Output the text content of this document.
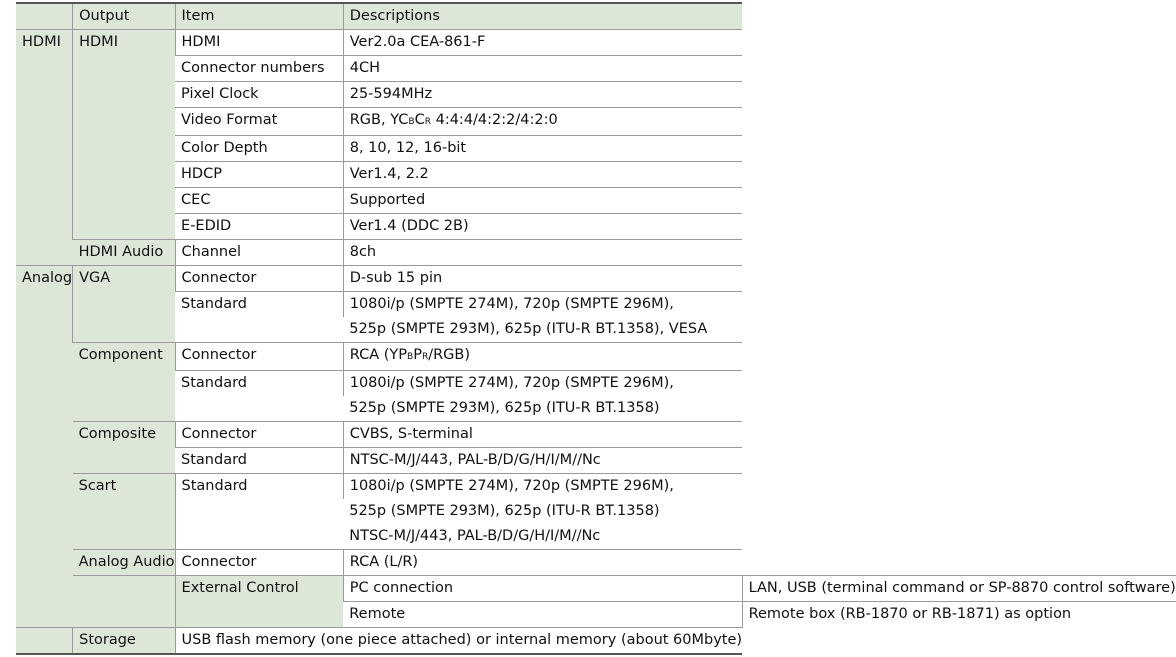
	Output	Item	Descriptions	
HDMI	HDMI	HDMI	Ver2.0a CEA-861-F	
		Connector numbers	4CH	
		Pixel Clock	25-594MHz	
		Video Format	RGB, YCBCR 4:4:4/4:2:2/4:2:0	
		Color Depth	8, 10, 12, 16-bit	
		HDCP	Ver1.4, 2.2	
		CEC	Supported	
		E-EDID	Ver1.4 (DDC 2B)	
	HDMI Audio	Channel	8ch	
Analog	VGA	Connector	D-sub 15 pin	
		Standard	1080i/p (SMPTE 274M), 720p (SMPTE 296M),	
			525p (SMPTE 293M), 625p (ITU-R BT.1358), VESA	
	Component	Connector	RCA (YPBPR/RGB)	
		Standard	1080i/p (SMPTE 274M), 720p (SMPTE 296M),	
			525p (SMPTE 293M), 625p (ITU-R BT.1358)	
	Composite	Connector	CVBS, S-terminal	
		Standard	NTSC-M/J/443, PAL-B/D/G/H/I/M//Nc	
	Scart	Standard	1080i/p (SMPTE 274M), 720p (SMPTE 296M),	
			525p (SMPTE 293M), 625p (ITU-R BT.1358)	
			NTSC-M/J/443, PAL-B/D/G/H/I/M//Nc	
	Analog Audio	Connector	RCA (L/R)	
		External Control	PC connection	LAN, USB (terminal command or SP-8870 control software)
			Remote	Remote box (RB-1870 or RB-1871) as option
	Storage	USB flash memory (one piece attached) or internal memory (about 60Mbyte)		
